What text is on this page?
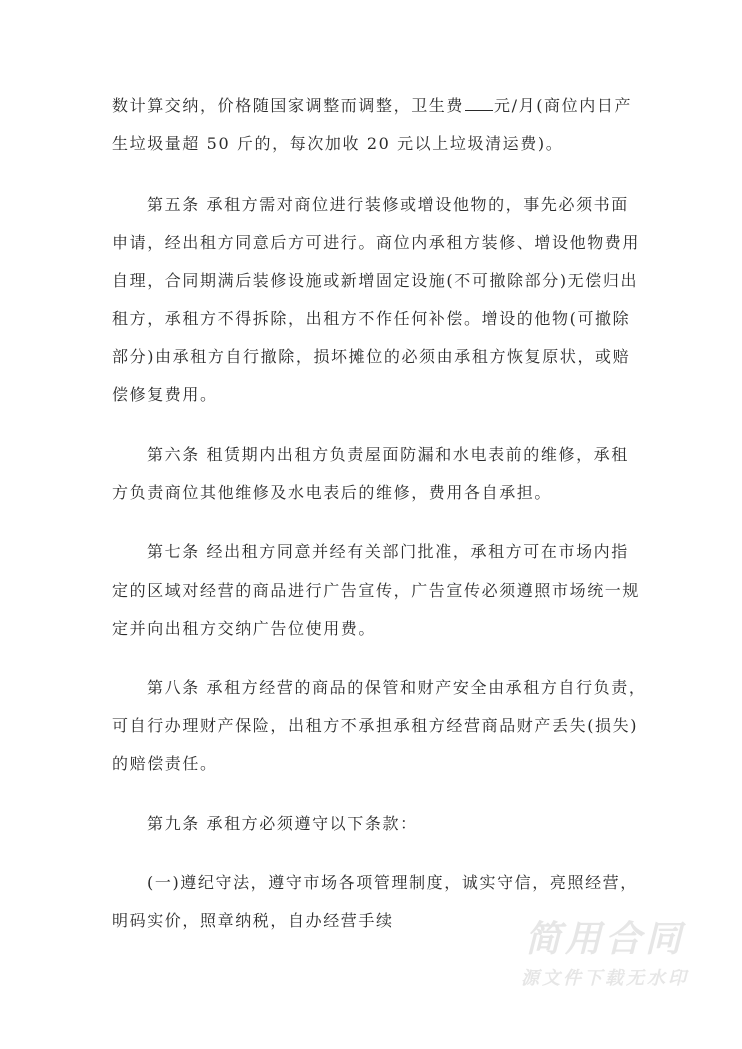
数计算交纳，价格随国家调整而调整，卫生费 元/月(商位内日产
生垃圾量超 50 斤的，每次加收 20 元以上垃圾清运费)。
第五条 承租方需对商位进行装修或增设他物的，事先必须书面
申请，经出租方同意后方可进行。商位内承租方装修、增设他物费用
自理，合同期满后装修设施或新增固定设施(不可撤除部分)无偿归出
租方，承租方不得拆除，出租方不作任何补偿。增设的他物(可撤除
部分)由承租方自行撤除，损坏摊位的必须由承租方恢复原状，或赔
偿修复费用。
第六条 租赁期内出租方负责屋面防漏和水电表前的维修，承租
方负责商位其他维修及水电表后的维修，费用各自承担。
第七条 经出租方同意并经有关部门批准，承租方可在市场内指
定的区域对经营的商品进行广告宣传，广告宣传必须遵照市场统一规
定并向出租方交纳广告位使用费。
第八条 承租方经营的商品的保管和财产安全由承租方自行负责，
可自行办理财产保险，出租方不承担承租方经营商品财产丢失(损失)
的赔偿责任。
第九条 承租方必须遵守以下条款：
(一)遵纪守法，遵守市场各项管理制度，诚实守信，亮照经营，
明码实价，照章纳税，自办经营手续	简用合同
源文件下载无水印
